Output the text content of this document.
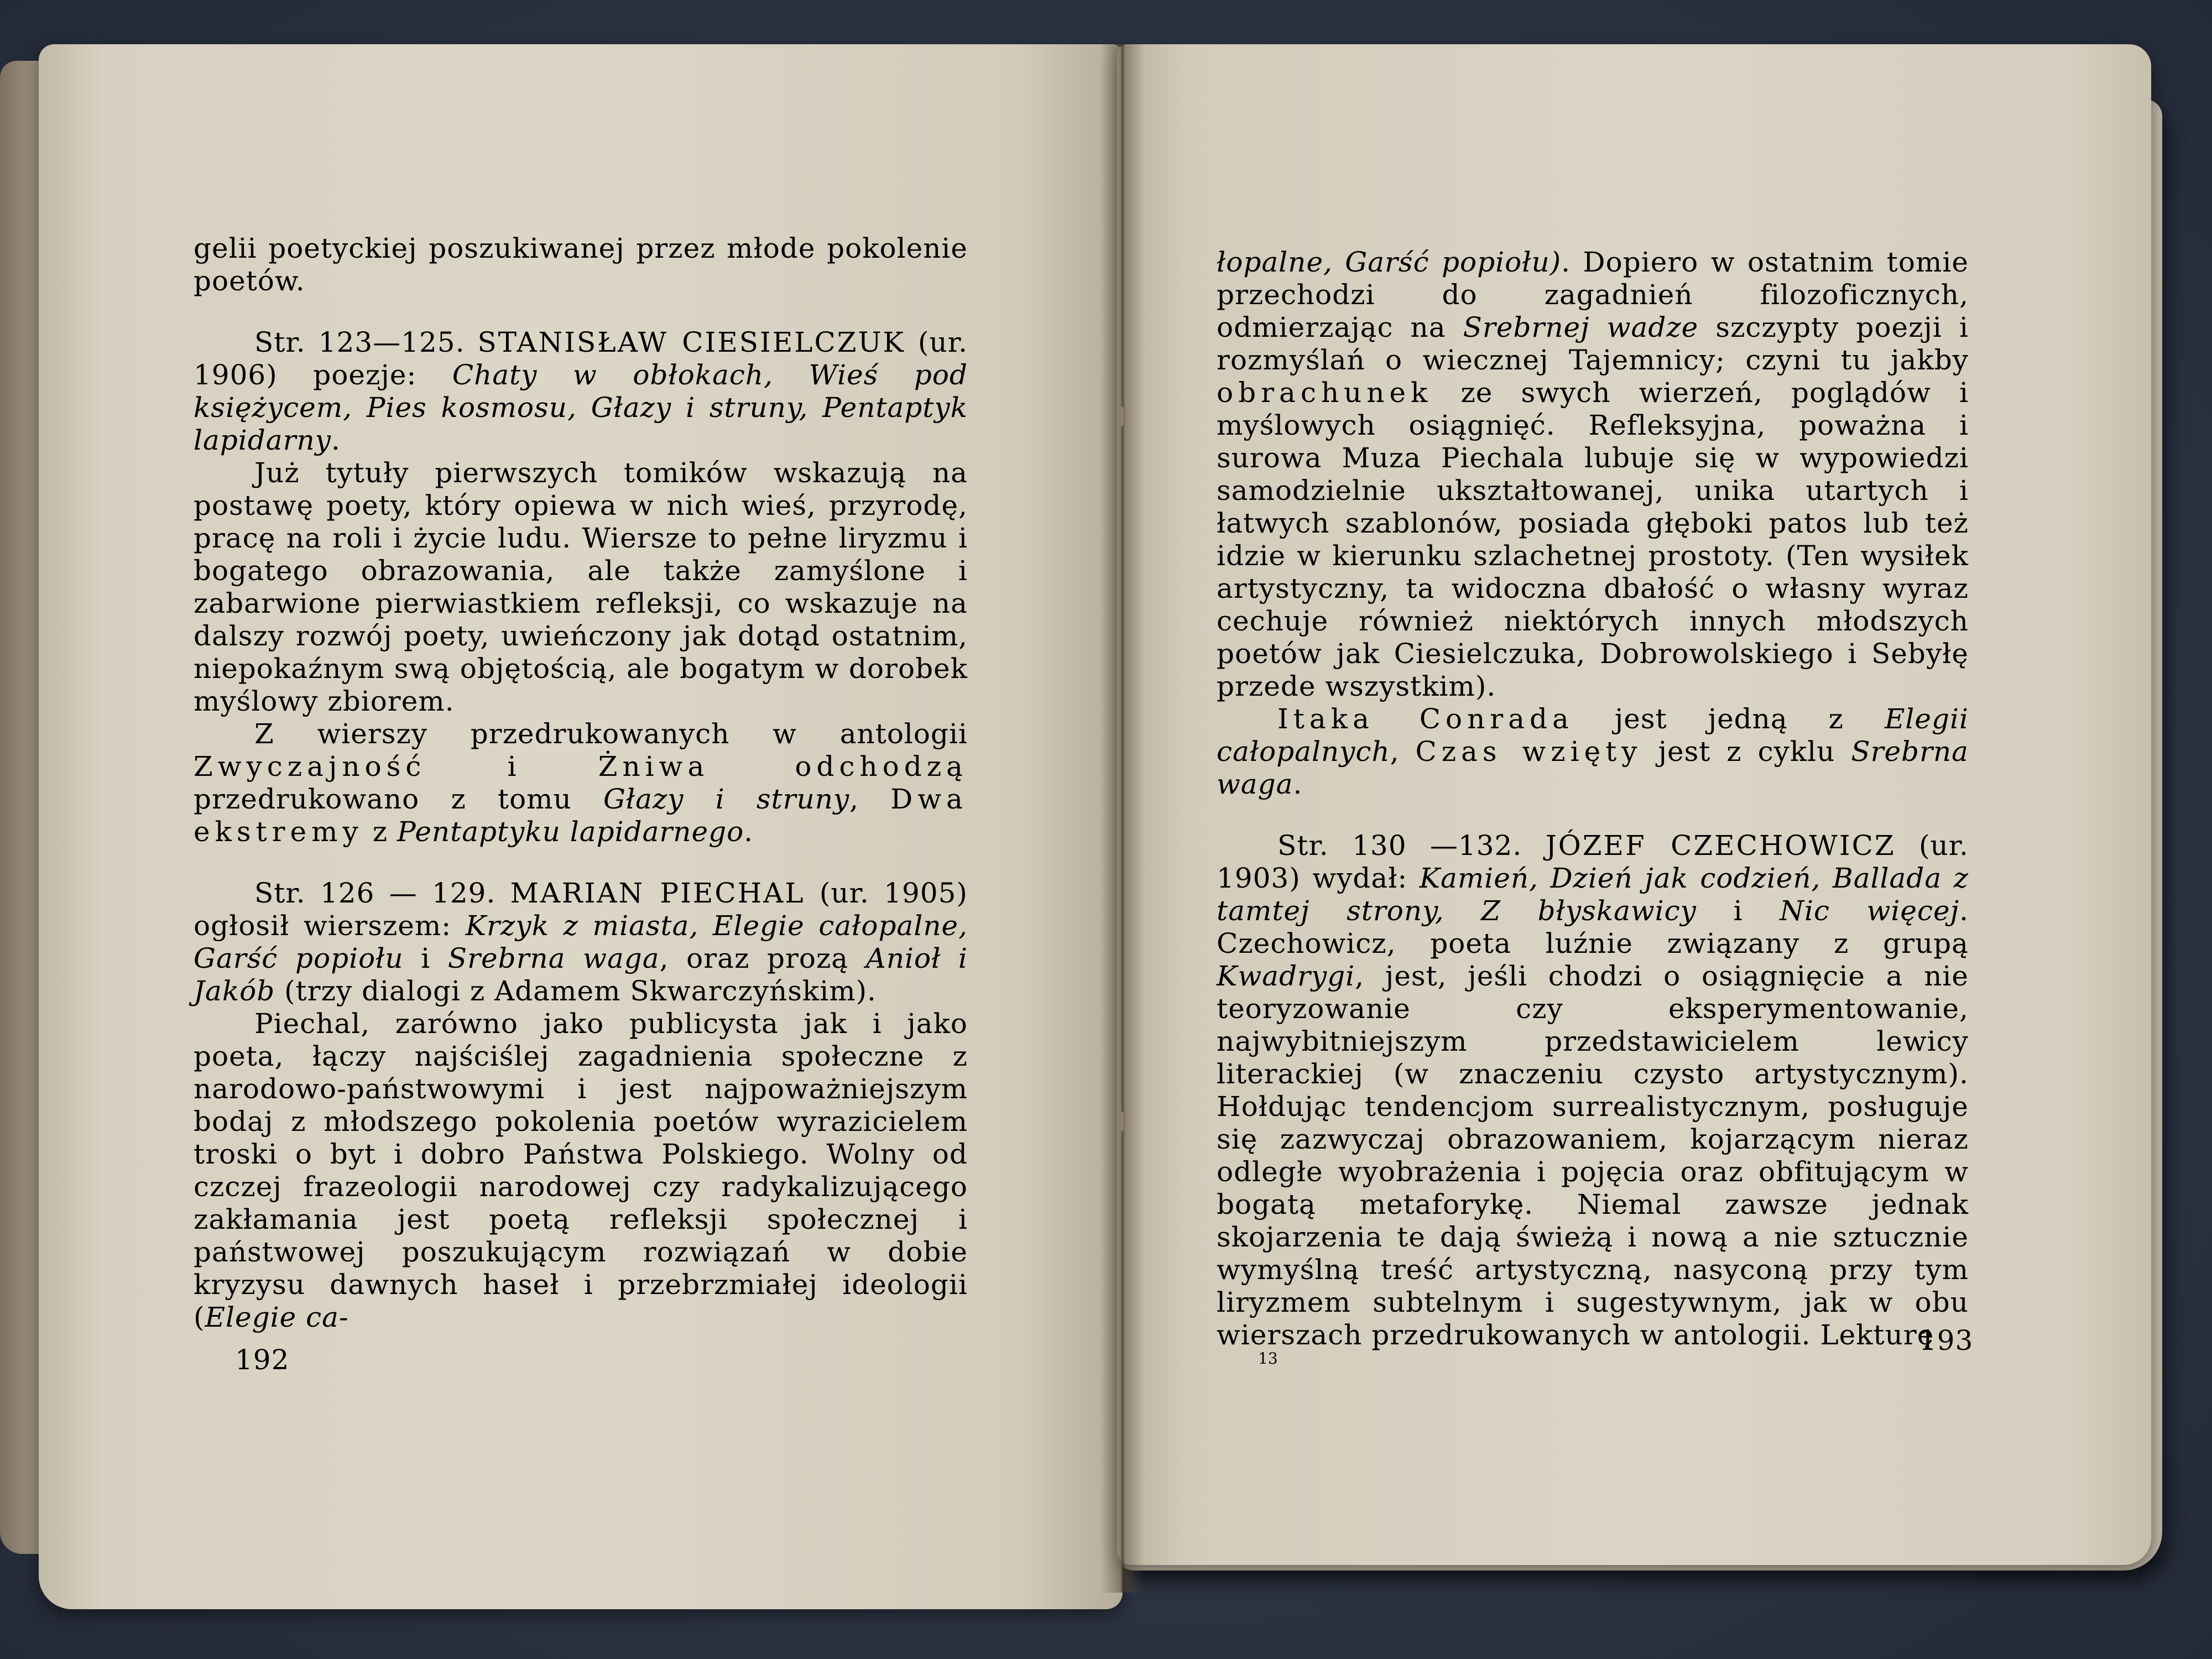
gelii poetyckiej poszukiwanej przez młode pokolenie poetów.

Str. 123—125. STANISŁAW CIESIELCZUK (ur. 1906) poezje: Chaty w obłokach, Wieś pod księżycem, Pies kosmosu, Głazy i struny, Pentaptyk lapidarny.

Już tytuły pierwszych tomików wskazują na postawę poety, który opiewa w nich wieś, przyrodę, pracę na roli i życie ludu. Wiersze to pełne liryzmu i bogatego obrazowania, ale także zamyślone i zabarwione pierwiastkiem refleksji, co wskazuje na dalszy rozwój poety, uwieńczony jak dotąd ostatnim, niepokaźnym swą objętością, ale bogatym w dorobek myślowy zbiorem.

Z wierszy przedrukowanych w antologii Zwyczajność i Żniwa odchodzą przedrukowano z tomu Głazy i struny, Dwa ekstremy z Pentaptyku lapidarnego.

Str. 126 — 129. MARIAN PIECHAL (ur. 1905) ogłosił wierszem: Krzyk z miasta, Elegie całopalne, Garść popiołu i Srebrna waga, oraz prozą Anioł i Jakób (trzy dialogi z Adamem Skwarczyńskim).

Piechal, zarówno jako publicysta jak i jako poeta, łączy najściślej zagadnienia społeczne z narodowo-państwowymi i jest najpoważniejszym bodaj z młodszego pokolenia poetów wyrazicielem troski o byt i dobro Państwa Polskiego. Wolny od czczej frazeologii narodowej czy radykalizującego zakłamania jest poetą refleksji społecznej i państwowej poszukującym rozwiązań w dobie kryzysu dawnych haseł i przebrzmiałej ideologii (Elegie ca-

192

łopalne, Garść popiołu). Dopiero w ostatnim tomie przechodzi do zagadnień filozoficznych, odmierzając na Srebrnej wadze szczypty poezji i rozmyślań o wiecznej Tajemnicy; czyni tu jakby obrachunek ze swych wierzeń, poglądów i myślowych osiągnięć. Refleksyjna, poważna i surowa Muza Piechala lubuje się w wypowiedzi samodzielnie ukształtowanej, unika utartych i łatwych szablonów, posiada głęboki patos lub też idzie w kierunku szlachetnej prostoty. (Ten wysiłek artystyczny, ta widoczna dbałość o własny wyraz cechuje również niektórych innych młodszych poetów jak Ciesielczuka, Dobrowolskiego i Sebyłę przede wszystkim).

Itaka Conrada jest jedną z Elegii całopalnych, Czas wzięty jest z cyklu Srebrna waga.

Str. 130 —132. JÓZEF CZECHOWICZ (ur. 1903) wydał: Kamień, Dzień jak codzień, Ballada z tamtej strony, Z błyskawicy i Nic więcej. Czechowicz, poeta luźnie związany z grupą Kwadrygi, jest, jeśli chodzi o osiągnięcie a nie teoryzowanie czy eksperymentowanie, najwybitniejszym przedstawicielem lewicy literackiej (w znaczeniu czysto artystycznym). Hołdując tendencjom surrealistycznym, posługuje się zazwyczaj obrazowaniem, kojarzącym nieraz odległe wyobrażenia i pojęcia oraz obfitującym w bogatą metaforykę. Niemal zawsze jednak skojarzenia te dają świeżą i nową a nie sztucznie wymyślną treść artystyczną, nasyconą przy tym liryzmem subtelnym i sugestywnym, jak w obu wierszach przedrukowanych w antologii. Lekturę

13
193
